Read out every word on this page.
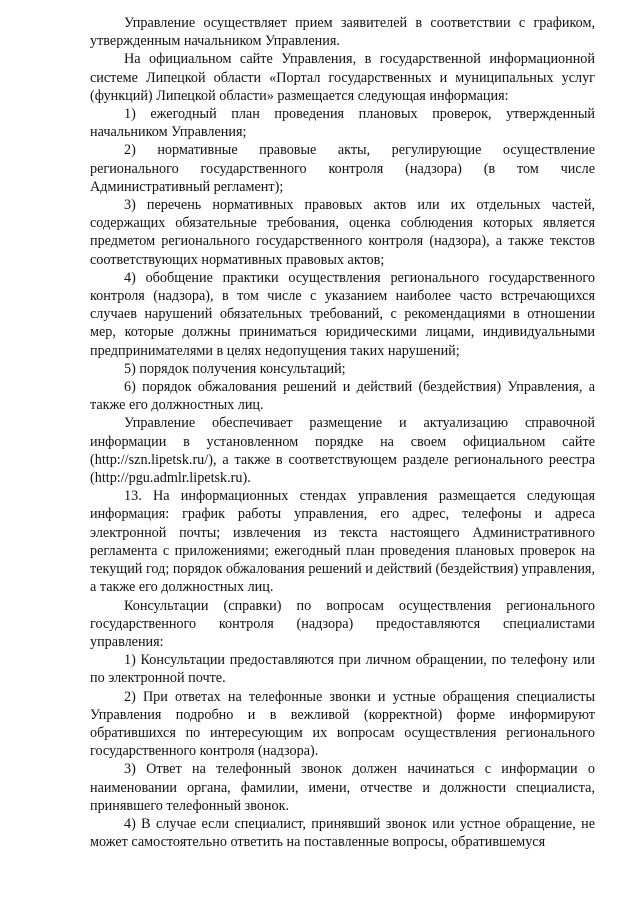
Управление осуществляет прием заявителей в соответствии с графиком, утвержденным начальником Управления.

На официальном сайте Управления, в государственной информационной системе Липецкой области «Портал государственных и муниципальных услуг (функций) Липецкой области» размещается следующая информация:

1) ежегодный план проведения плановых проверок, утвержденный начальником Управления;

2) нормативные правовые акты, регулирующие осуществление регионального государственного контроля (надзора) (в том числе Административный регламент);

3) перечень нормативных правовых актов или их отдельных частей, содержащих обязательные требования, оценка соблюдения которых является предметом регионального государственного контроля (надзора), а также текстов соответствующих нормативных правовых актов;

4) обобщение практики осуществления регионального государственного контроля (надзора), в том числе с указанием наиболее часто встречающихся случаев нарушений обязательных требований, с рекомендациями в отношении мер, которые должны приниматься юридическими лицами, индивидуальными предпринимателями в целях недопущения таких нарушений;

5) порядок получения консультаций;

6) порядок обжалования решений и действий (бездействия) Управления, а также его должностных лиц.

Управление обеспечивает размещение и актуализацию справочной информации в установленном порядке на своем официальном сайте (http://szn.lipetsk.ru/), а также в соответствующем разделе регионального реестра (http://pgu.admlr.lipetsk.ru).

13. На информационных стендах управления размещается следующая информация: график работы управления, его адрес, телефоны и адреса электронной почты; извлечения из текста настоящего Административного регламента с приложениями; ежегодный план проведения плановых проверок на текущий год; порядок обжалования решений и действий (бездействия) управления, а также его должностных лиц.

Консультации (справки) по вопросам осуществления регионального государственного контроля (надзора) предоставляются специалистами управления:

1) Консультации предоставляются при личном обращении, по телефону или по электронной почте.

2) При ответах на телефонные звонки и устные обращения специалисты Управления подробно и в вежливой (корректной) форме информируют обратившихся по интересующим их вопросам осуществления регионального государственного контроля (надзора).

3) Ответ на телефонный звонок должен начинаться с информации о наименовании органа, фамилии, имени, отчестве и должности специалиста, принявшего телефонный звонок.

4) В случае если специалист, принявший звонок или устное обращение, не может самостоятельно ответить на поставленные вопросы, обратившемуся
